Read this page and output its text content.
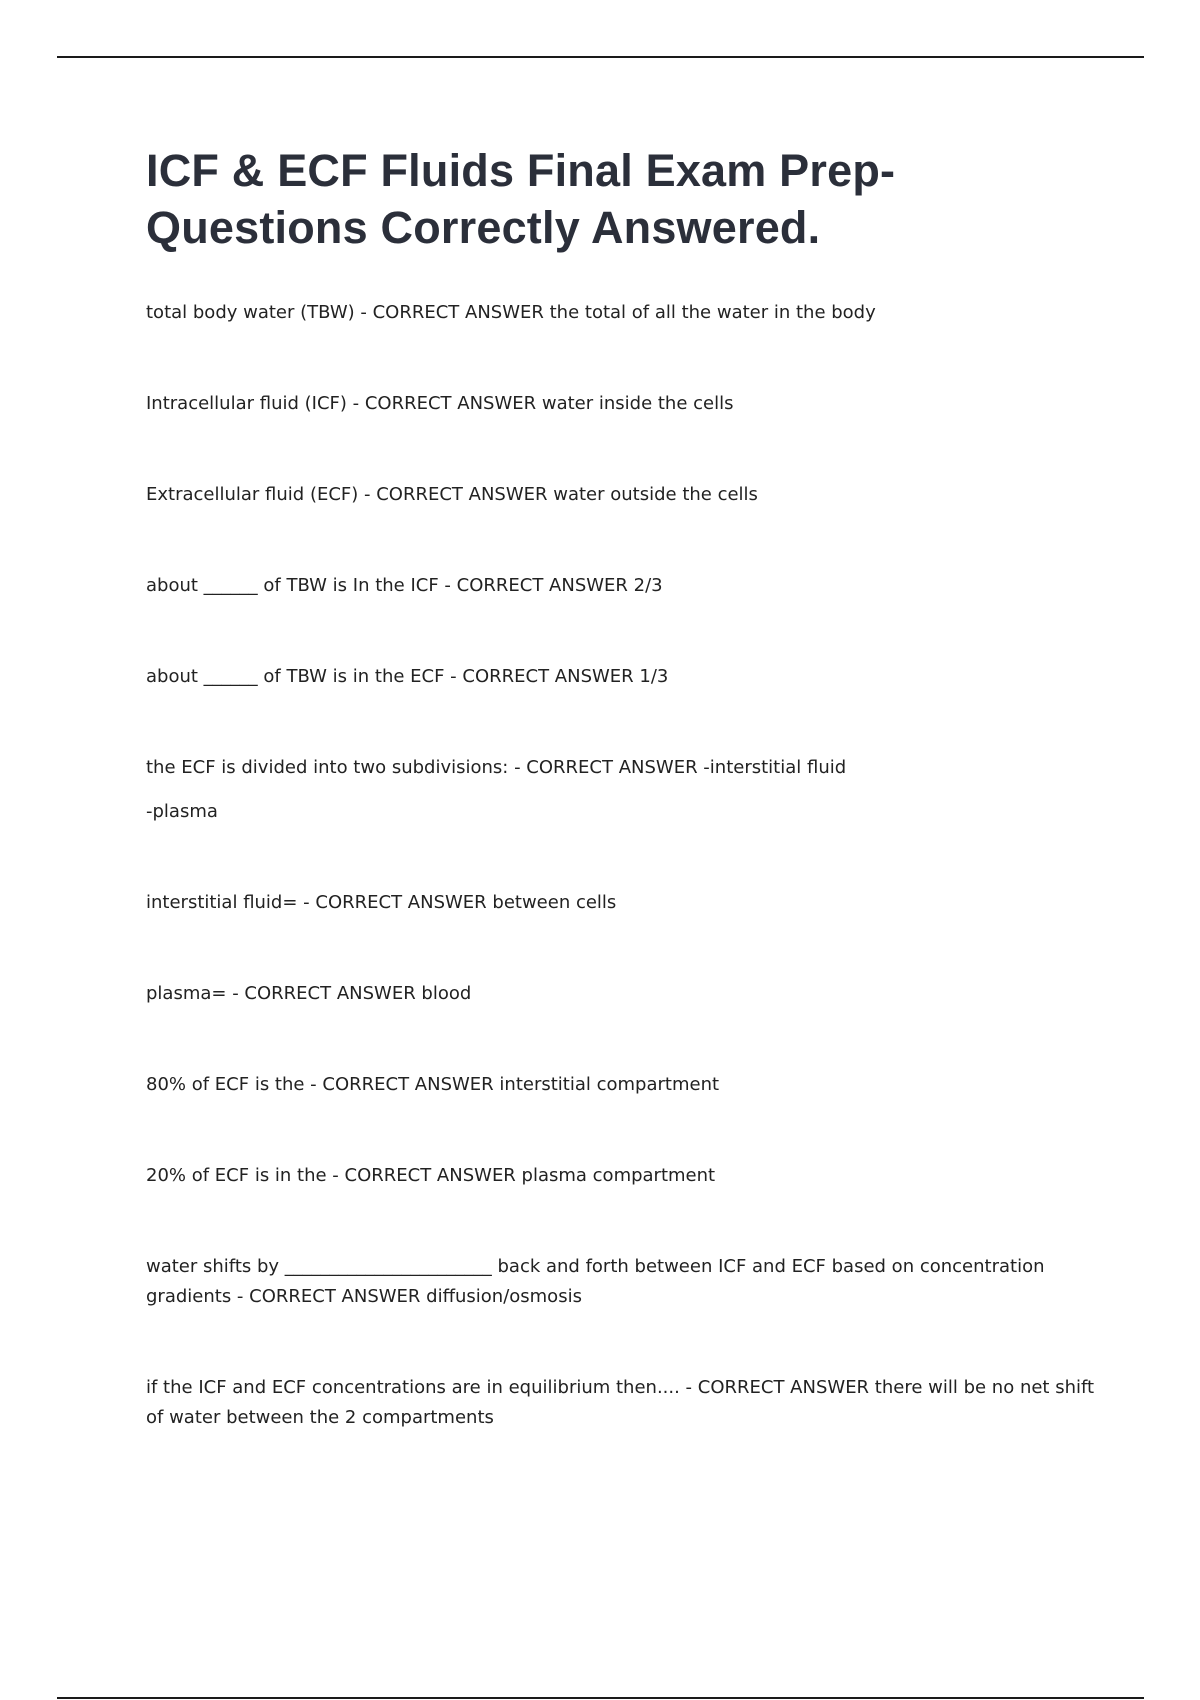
ICF & ECF Fluids Final Exam Prep-
Questions Correctly Answered.

total body water (TBW) - CORRECT ANSWER the total of all the water in the body

Intracellular fluid (ICF) - CORRECT ANSWER water inside the cells

Extracellular fluid (ECF) - CORRECT ANSWER water outside the cells

about ______ of TBW is In the ICF - CORRECT ANSWER 2/3

about ______ of TBW is in the ECF - CORRECT ANSWER 1/3

the ECF is divided into two subdivisions: - CORRECT ANSWER -interstitial fluid
-plasma

interstitial fluid= - CORRECT ANSWER between cells

plasma= - CORRECT ANSWER blood

80% of ECF is the - CORRECT ANSWER interstitial compartment

20% of ECF is in the - CORRECT ANSWER plasma compartment

water shifts by _______________________ back and forth between ICF and ECF based on concentration gradients - CORRECT ANSWER diffusion/osmosis

if the ICF and ECF concentrations are in equilibrium then.... - CORRECT ANSWER there will be no net shift of water between the 2 compartments
